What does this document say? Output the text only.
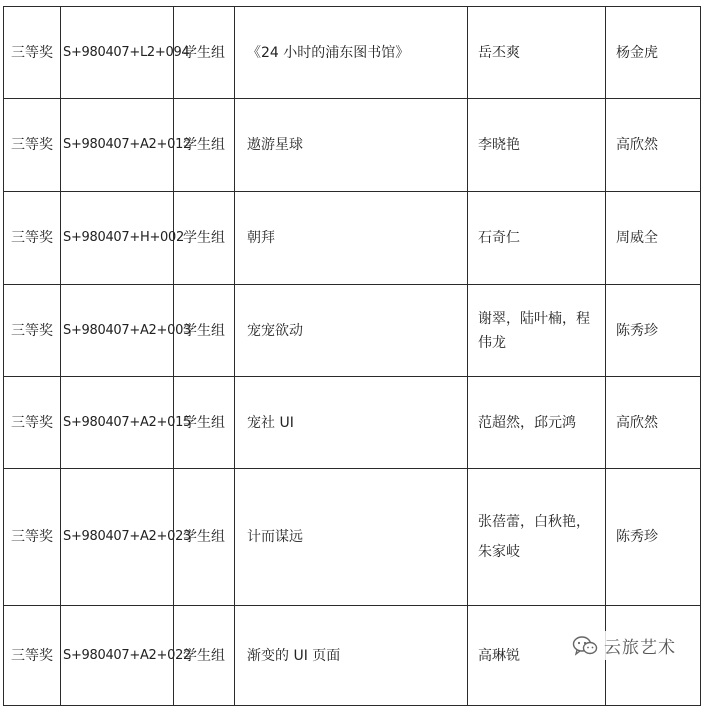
三等奖	S+980407+L2+094	学生组	《24 小时的浦东图书馆》	岳丕爽	杨金虎
三等奖	S+980407+A2+012	学生组	遨游星球	李晓艳	高欣然
三等奖	S+980407+H+002	学生组	朝拜	石奇仁	周威全
三等奖	S+980407+A2+003	学生组	宠宠欲动	谢翠，陆叶楠，程伟龙	陈秀珍
三等奖	S+980407+A2+015	学生组	宠社 UI	范超然，邱元鸿	高欣然
三等奖	S+980407+A2+023	学生组	计而谋远	张蓓蕾，白秋艳，朱家岐	陈秀珍
三等奖	S+980407+A2+022	学生组	渐变的 UI 页面	高琳锐		云旅艺术
